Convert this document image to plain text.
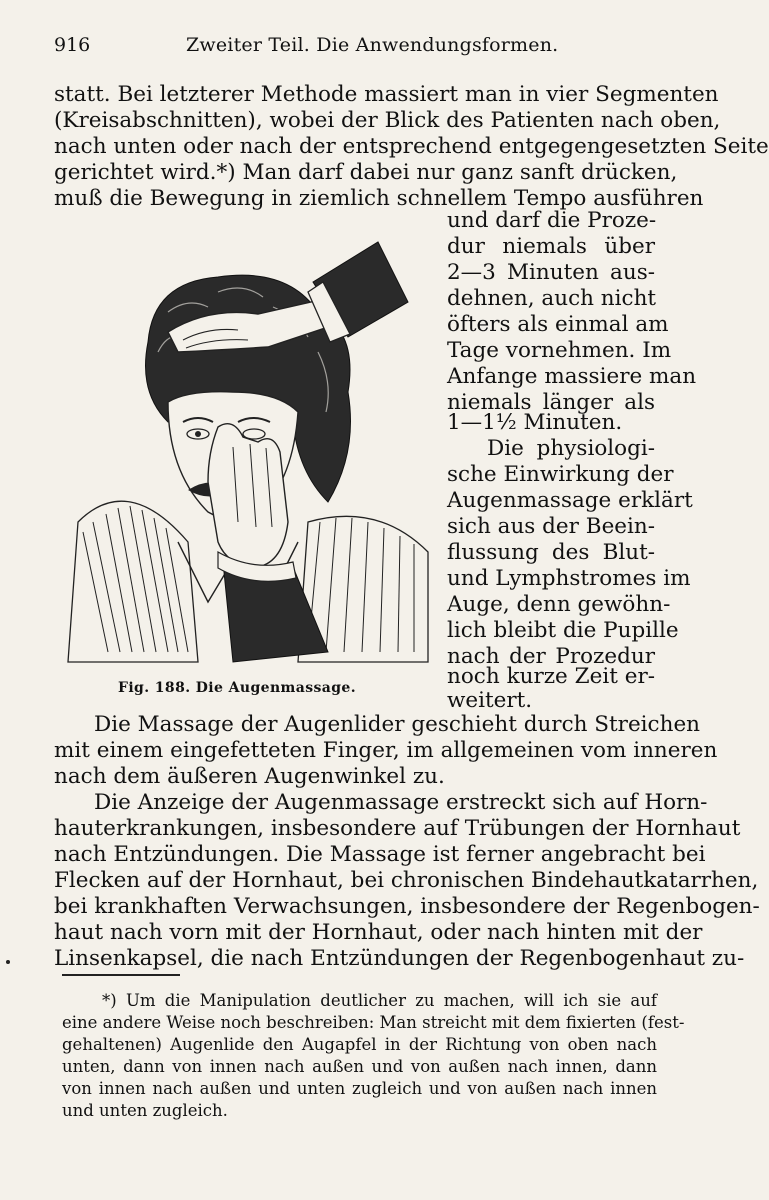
916	Zweiter Teil. Die Anwendungsformen.
statt. Bei letzterer Methode massiert man in vier Segmenten
(Kreisabschnitten), wobei der Blick des Patienten nach oben,
nach unten oder nach der entsprechend entgegengesetzten Seite
gerichtet wird.*) Man darf dabei nur ganz sanft drücken,
muß die Bewegung in ziemlich schnellem Tempo ausführen
Fig. 188. Die Augenmassage.
und darf die Proze-
dur niemals über
2—3 Minuten aus-
dehnen, auch nicht
öfters als einmal am
Tage vornehmen. Im
Anfange massiere man
niemals länger als
1—1½ Minuten.
Die physiologi-
sche Einwirkung der
Augenmassage erklärt
sich aus der Beein-
flussung des Blut-
und Lymphstromes im
Auge, denn gewöhn-
lich bleibt die Pupille
nach der Prozedur
noch kurze Zeit er-
weitert.
Die Massage der Augenlider geschieht durch Streichen
mit einem eingefetteten Finger, im allgemeinen vom inneren
nach dem äußeren Augenwinkel zu.
Die Anzeige der Augenmassage erstreckt sich auf Horn-
hauterkrankungen, insbesondere auf Trübungen der Hornhaut
nach Entzündungen. Die Massage ist ferner angebracht bei
Flecken auf der Hornhaut, bei chronischen Bindehautkatarrhen,
bei krankhaften Verwachsungen, insbesondere der Regenbogen-
haut nach vorn mit der Hornhaut, oder nach hinten mit der
Linsenkapsel, die nach Entzündungen der Regenbogenhaut zu-
*) Um die Manipulation deutlicher zu machen, will ich sie auf
eine andere Weise noch beschreiben: Man streicht mit dem fixierten (fest-
gehaltenen) Augenlide den Augapfel in der Richtung von oben nach
unten, dann von innen nach außen und von außen nach innen, dann
von innen nach außen und unten zugleich und von außen nach innen
und unten zugleich.
